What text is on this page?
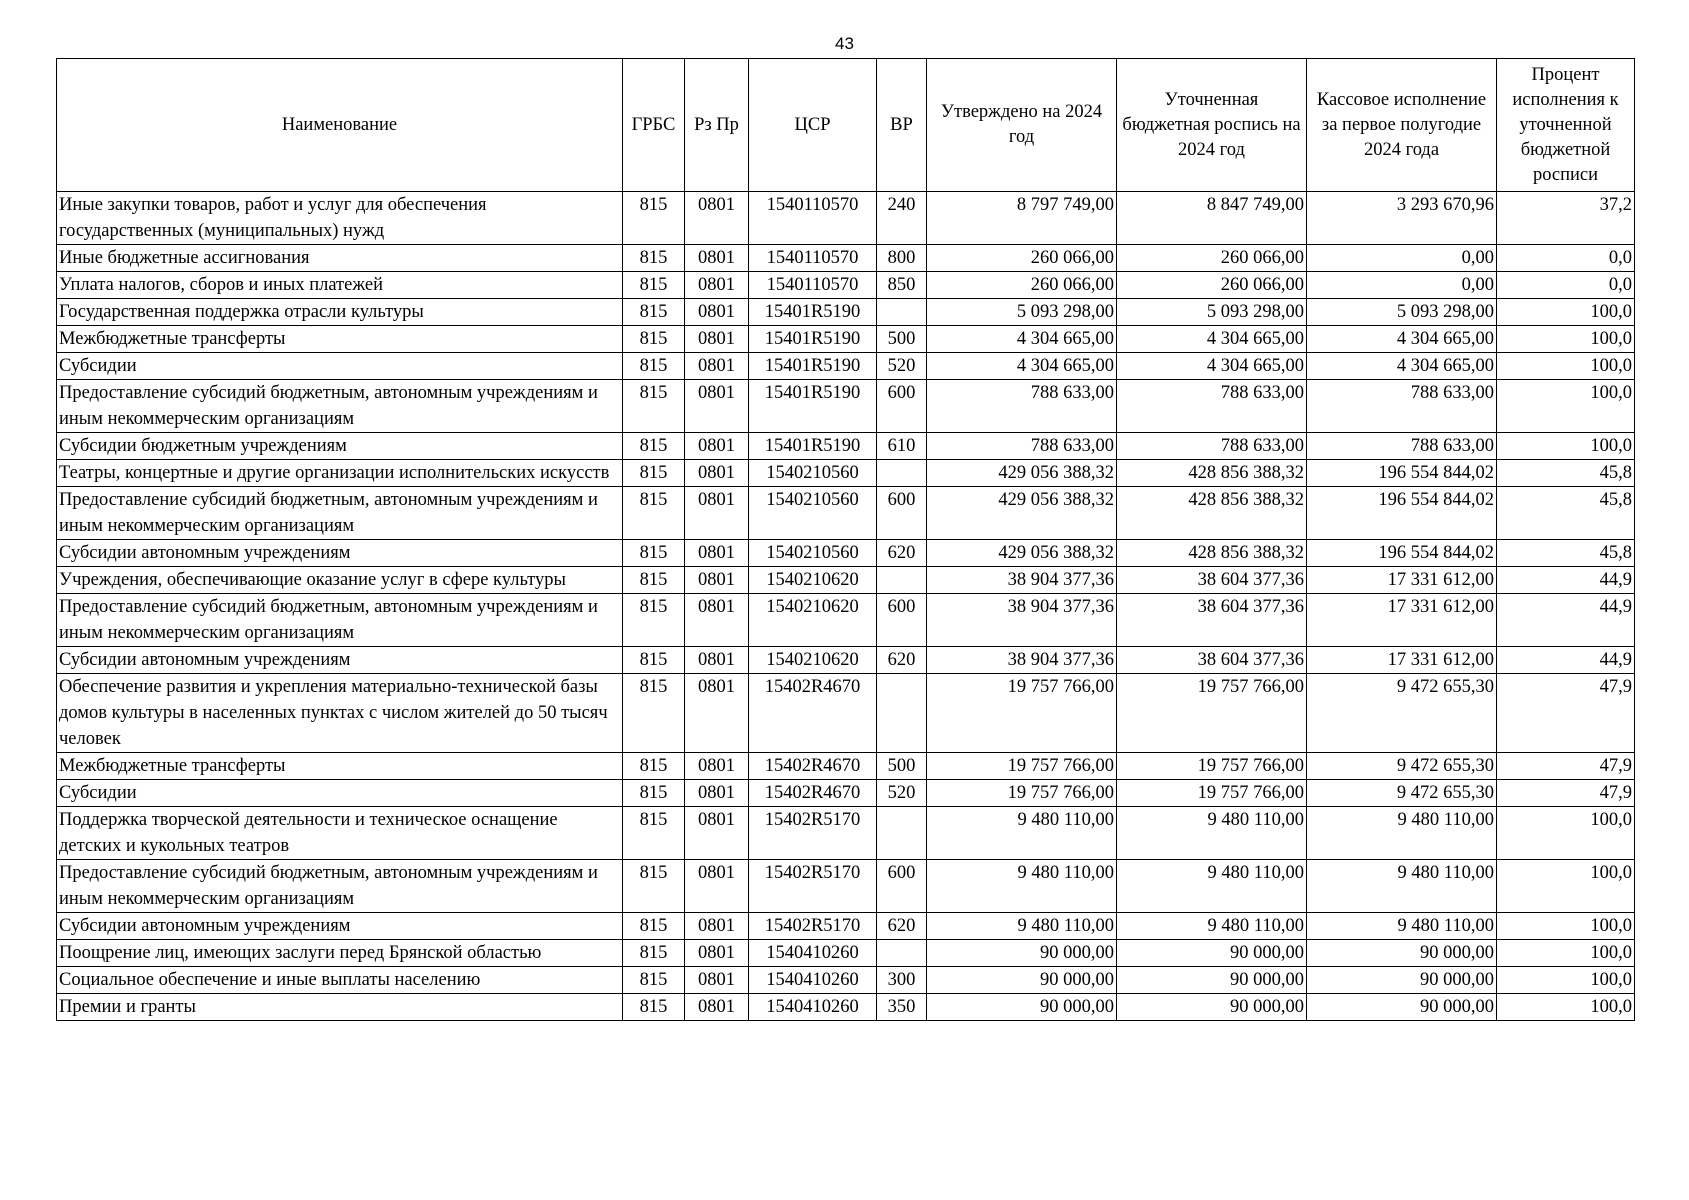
43
Наименование	ГРБС	Рз Пр	ЦСР	ВР	Утверждено на 2024 год	Уточненная бюджетная роспись на 2024 год	Кассовое исполнение за первое полугодие 2024 года	Процент исполнения к уточненной бюджетной росписи
Иные закупки товаров, работ и услуг для обеспечения государственных (муниципальных) нужд	815	0801	1540110570	240	8 797 749,00	8 847 749,00	3 293 670,96	37,2
Иные бюджетные ассигнования	815	0801	1540110570	800	260 066,00	260 066,00	0,00	0,0
Уплата налогов, сборов и иных платежей	815	0801	1540110570	850	260 066,00	260 066,00	0,00	0,0
Государственная поддержка отрасли культуры	815	0801	15401R5190		5 093 298,00	5 093 298,00	5 093 298,00	100,0
Межбюджетные трансферты	815	0801	15401R5190	500	4 304 665,00	4 304 665,00	4 304 665,00	100,0
Субсидии	815	0801	15401R5190	520	4 304 665,00	4 304 665,00	4 304 665,00	100,0
Предоставление субсидий бюджетным, автономным учреждениям и иным некоммерческим организациям	815	0801	15401R5190	600	788 633,00	788 633,00	788 633,00	100,0
Субсидии бюджетным учреждениям	815	0801	15401R5190	610	788 633,00	788 633,00	788 633,00	100,0
Театры, концертные и другие организации исполнительских искусств	815	0801	1540210560		429 056 388,32	428 856 388,32	196 554 844,02	45,8
Предоставление субсидий бюджетным, автономным учреждениям и иным некоммерческим организациям	815	0801	1540210560	600	429 056 388,32	428 856 388,32	196 554 844,02	45,8
Субсидии автономным учреждениям	815	0801	1540210560	620	429 056 388,32	428 856 388,32	196 554 844,02	45,8
Учреждения, обеспечивающие оказание услуг в сфере культуры	815	0801	1540210620		38 904 377,36	38 604 377,36	17 331 612,00	44,9
Предоставление субсидий бюджетным, автономным учреждениям и иным некоммерческим организациям	815	0801	1540210620	600	38 904 377,36	38 604 377,36	17 331 612,00	44,9
Субсидии автономным учреждениям	815	0801	1540210620	620	38 904 377,36	38 604 377,36	17 331 612,00	44,9
Обеспечение развития и укрепления материально-технической базы домов культуры в населенных пунктах с числом жителей до 50 тысяч человек	815	0801	15402R4670		19 757 766,00	19 757 766,00	9 472 655,30	47,9
Межбюджетные трансферты	815	0801	15402R4670	500	19 757 766,00	19 757 766,00	9 472 655,30	47,9
Субсидии	815	0801	15402R4670	520	19 757 766,00	19 757 766,00	9 472 655,30	47,9
Поддержка творческой деятельности и техническое оснащение детских и кукольных театров	815	0801	15402R5170		9 480 110,00	9 480 110,00	9 480 110,00	100,0
Предоставление субсидий бюджетным, автономным учреждениям и иным некоммерческим организациям	815	0801	15402R5170	600	9 480 110,00	9 480 110,00	9 480 110,00	100,0
Субсидии автономным учреждениям	815	0801	15402R5170	620	9 480 110,00	9 480 110,00	9 480 110,00	100,0
Поощрение лиц, имеющих заслуги перед Брянской областью	815	0801	1540410260		90 000,00	90 000,00	90 000,00	100,0
Социальное обеспечение и иные выплаты населению	815	0801	1540410260	300	90 000,00	90 000,00	90 000,00	100,0
Премии и гранты	815	0801	1540410260	350	90 000,00	90 000,00	90 000,00	100,0
